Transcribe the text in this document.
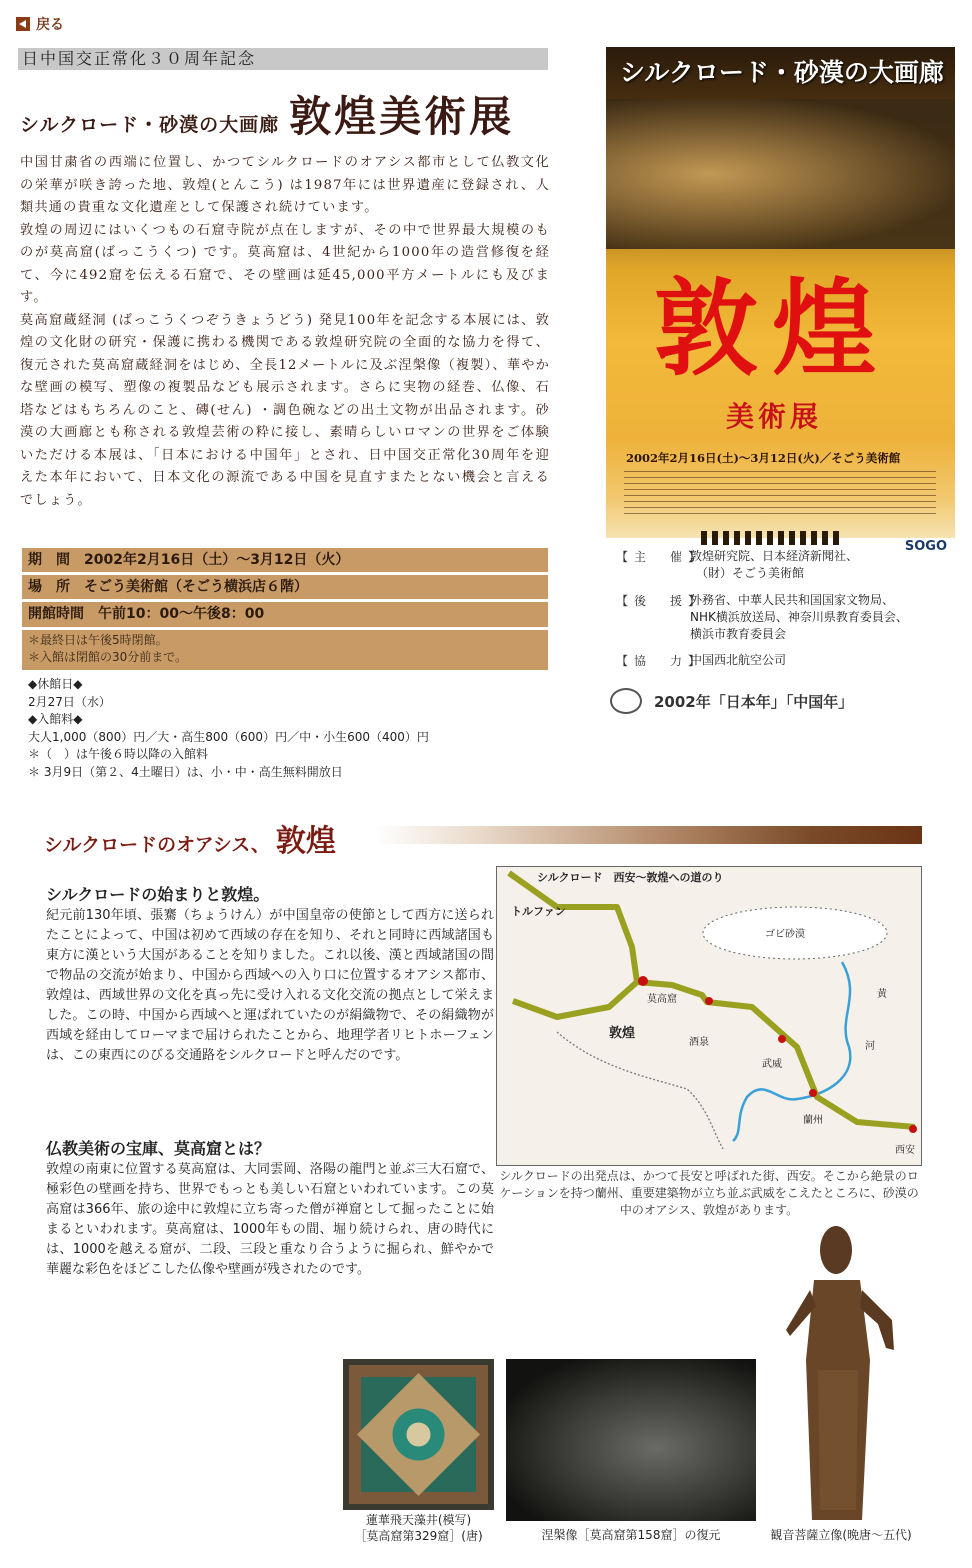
戻る
日中国交正常化３０周年記念
シルクロード・砂漠の大画廊 敦煌美術展

中国甘粛省の西端に位置し、かつてシルクロードのオアシス都市として仏教文化の栄華が咲き誇った地、敦煌(とんこう) は1987年には世界遺産に登録され、人類共通の貴重な文化遺産として保護され続けています。

敦煌の周辺にはいくつもの石窟寺院が点在しますが、その中で世界最大規模のものが莫高窟(ばっこうくつ) です。莫高窟は、4世紀から1000年の造営修復を経て、今に492窟を伝える石窟で、その壁画は延45,000平方メートルにも及びます。

莫高窟蔵経洞 (ばっこうくつぞうきょうどう) 発見100年を記念する本展には、敦煌の文化財の研究・保護に携わる機関である敦煌研究院の全面的な協力を得て、復元された莫高窟蔵経洞をはじめ、全長12メートルに及ぶ涅槃像（複製）、華やかな壁画の模写、塑像の複製品なども展示されます。さらに実物の経巻、仏像、石塔などはもちろんのこと、磚(せん) ・調色碗などの出土文物が出品されます。砂漠の大画廊とも称される敦煌芸術の粋に接し、素晴らしいロマンの世界をご体験いただける本展は、「日本における中国年」とされ、日中国交正常化30周年を迎えた本年において、日本文化の源流である中国を見直すまたとない機会と言えるでしょう。

期　間　2002年2月16日（土）～3月12日（火）
場　所　そごう美術館（そごう横浜店６階）
開館時間　午前10：00～午後8：00
＊最終日は午後5時閉館。
＊入館は閉館の30分前まで。
◆休館日◆
2月27日（水）
◆入館料◆
大人1,000（800）円／大・高生800（600）円／中・小生600（400）円
＊（　）は午後６時以降の入館料
＊ 3月9日（第２、4土曜日）は、小・中・高生無料開放日
シルクロード・砂漠の大画廊
敦煌
美術展
2002年2月16日(土)～3月12日(火)／そごう美術館
SOGO
【主　催】
敦煌研究院、日本経済新聞社、
（財）そごう美術館
【後　援】
外務省、中華人民共和国国家文物局、
NHK横浜放送局、神奈川県教育委員会、
横浜市教育委員会
【協　力】
中国西北航空公司
2002年「日本年」「中国年」
シルクロードのオアシス、 敦煌
シルクロードの始まりと敦煌。
紀元前130年頃、張騫（ちょうけん）が中国皇帝の使節として西方に送られたことによって、中国は初めて西域の存在を知り、それと同時に西域諸国も東方に漢という大国があることを知りました。これ以後、漢と西域諸国の間で物品の交流が始まり、中国から西域への入り口に位置するオアシス都市、敦煌は、西域世界の文化を真っ先に受け入れる文化交流の拠点として栄えました。この時、中国から西域へと運ばれていたのが絹織物で、その絹織物が西域を経由してローマまで届けられたことから、地理学者リヒトホーフェンは、この東西にのびる交通路をシルクロードと呼んだのです。
仏教美術の宝庫、莫高窟とは？
敦煌の南東に位置する莫高窟は、大同雲岡、洛陽の龍門と並ぶ三大石窟で、極彩色の壁画を持ち、世界でもっとも美しい石窟といわれています。この莫高窟は366年、旅の途中に敦煌に立ち寄った僧が禅窟として掘ったことに始まるといわれます。莫高窟は、1000年もの間、堀り続けられ、唐の時代には、1000を越える窟が、二段、三段と重なり合うように掘られ、鮮やかで華麗な彩色をほどこした仏像や壁画が残されたのです。
シルクロード　西安～敦煌への道のり
トルファン
ゴビ砂漠
莫高窟
敦煌
酒泉
武威
蘭州
西安
黄
河
シルクロードの出発点は、かつて長安と呼ばれた街、西安。そこから絶景のロケーションを持つ蘭州、重要建築物が立ち並ぶ武威をこえたところに、砂漠の中のオアシス、敦煌があります。
蓮華飛天藻井(模写)
［莫高窟第329窟］(唐)	涅槃像［莫高窟第158窟］の復元	観音菩薩立像(晩唐～五代)
